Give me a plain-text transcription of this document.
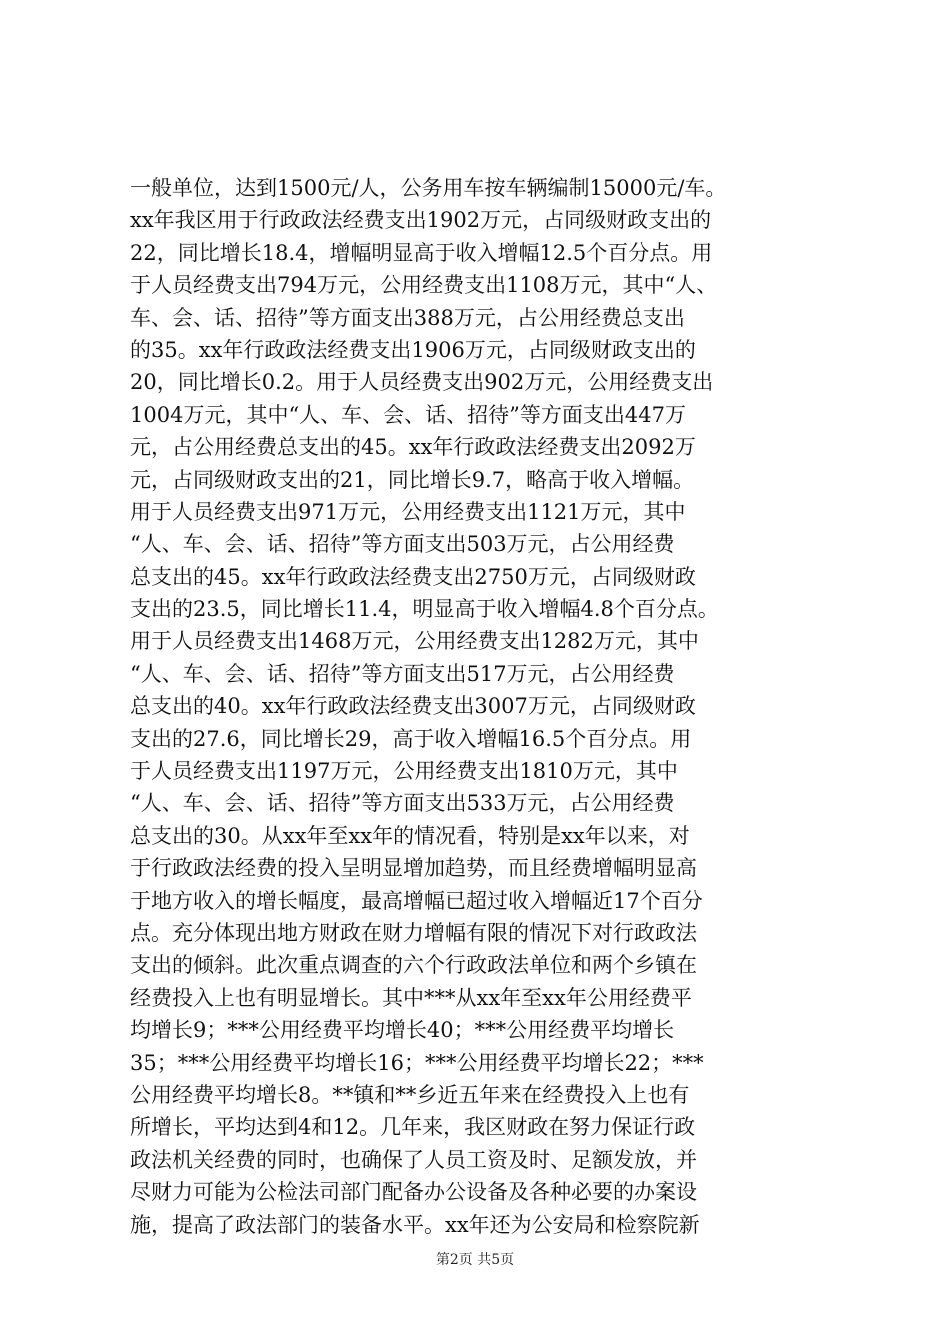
一般单位，达到1500元/人，公务用车按车辆编制15000元/车。
xx年我区用于行政政法经费支出1902万元，占同级财政支出的
22，同比增长18.4，增幅明显高于收入增幅12.5个百分点。用
于人员经费支出794万元，公用经费支出1108万元，其中“人、
车、会、话、招待”等方面支出388万元，占公用经费总支出
的35。xx年行政政法经费支出1906万元，占同级财政支出的
20，同比增长0.2。用于人员经费支出902万元，公用经费支出
1004万元，其中“人、车、会、话、招待”等方面支出447万
元，占公用经费总支出的45。xx年行政政法经费支出2092万
元，占同级财政支出的21，同比增长9.7，略高于收入增幅。
用于人员经费支出971万元，公用经费支出1121万元，其中
“人、车、会、话、招待”等方面支出503万元，占公用经费
总支出的45。xx年行政政法经费支出2750万元，占同级财政
支出的23.5，同比增长11.4，明显高于收入增幅4.8个百分点。
用于人员经费支出1468万元，公用经费支出1282万元，其中
“人、车、会、话、招待”等方面支出517万元，占公用经费
总支出的40。xx年行政政法经费支出3007万元，占同级财政
支出的27.6，同比增长29，高于收入增幅16.5个百分点。用
于人员经费支出1197万元，公用经费支出1810万元，其中
“人、车、会、话、招待”等方面支出533万元，占公用经费
总支出的30。从xx年至xx年的情况看，特别是xx年以来，对
于行政政法经费的投入呈明显增加趋势，而且经费增幅明显高
于地方收入的增长幅度，最高增幅已超过收入增幅近17个百分
点。充分体现出地方财政在财力增幅有限的情况下对行政政法
支出的倾斜。此次重点调查的六个行政政法单位和两个乡镇在
经费投入上也有明显增长。其中***从xx年至xx年公用经费平
均增长9；***公用经费平均增长40；***公用经费平均增长
35；***公用经费平均增长16；***公用经费平均增长22；***
公用经费平均增长8。**镇和**乡近五年来在经费投入上也有
所增长，平均达到4和12。几年来，我区财政在努力保证行政
政法机关经费的同时，也确保了人员工资及时、足额发放，并
尽财力可能为公检法司部门配备办公设备及各种必要的办案设
施，提高了政法部门的装备水平。xx年还为公安局和检察院新
第2页 共5页
